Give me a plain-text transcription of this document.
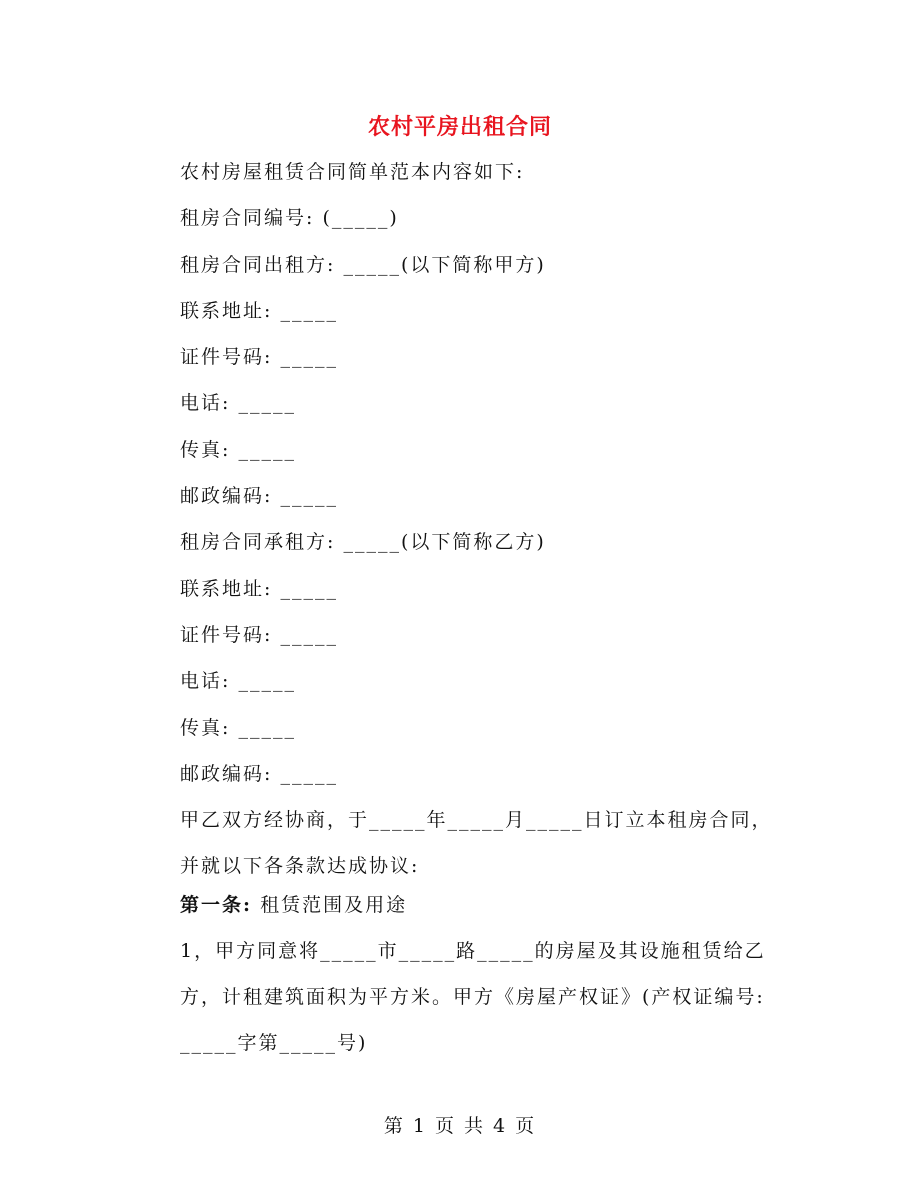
农村平房出租合同
农村房屋租赁合同简单范本内容如下:
租房合同编号: (_____)
租房合同出租方: _____(以下简称甲方)
联系地址: _____
证件号码: _____
电话: _____
传真: _____
邮政编码: _____
租房合同承租方: _____(以下简称乙方)
联系地址: _____
证件号码: _____
电话: _____
传真: _____
邮政编码: _____
甲乙双方经协商，于_____年_____月_____日订立本租房合同，并就以下各条款达成协议:
第一条: 租赁范围及用途
1，甲方同意将_____市_____路_____的房屋及其设施租赁给乙方，计租建筑面积为平方米。甲方《房屋产权证》(产权证编号: _____字第_____号)
第 1 页 共 4 页
